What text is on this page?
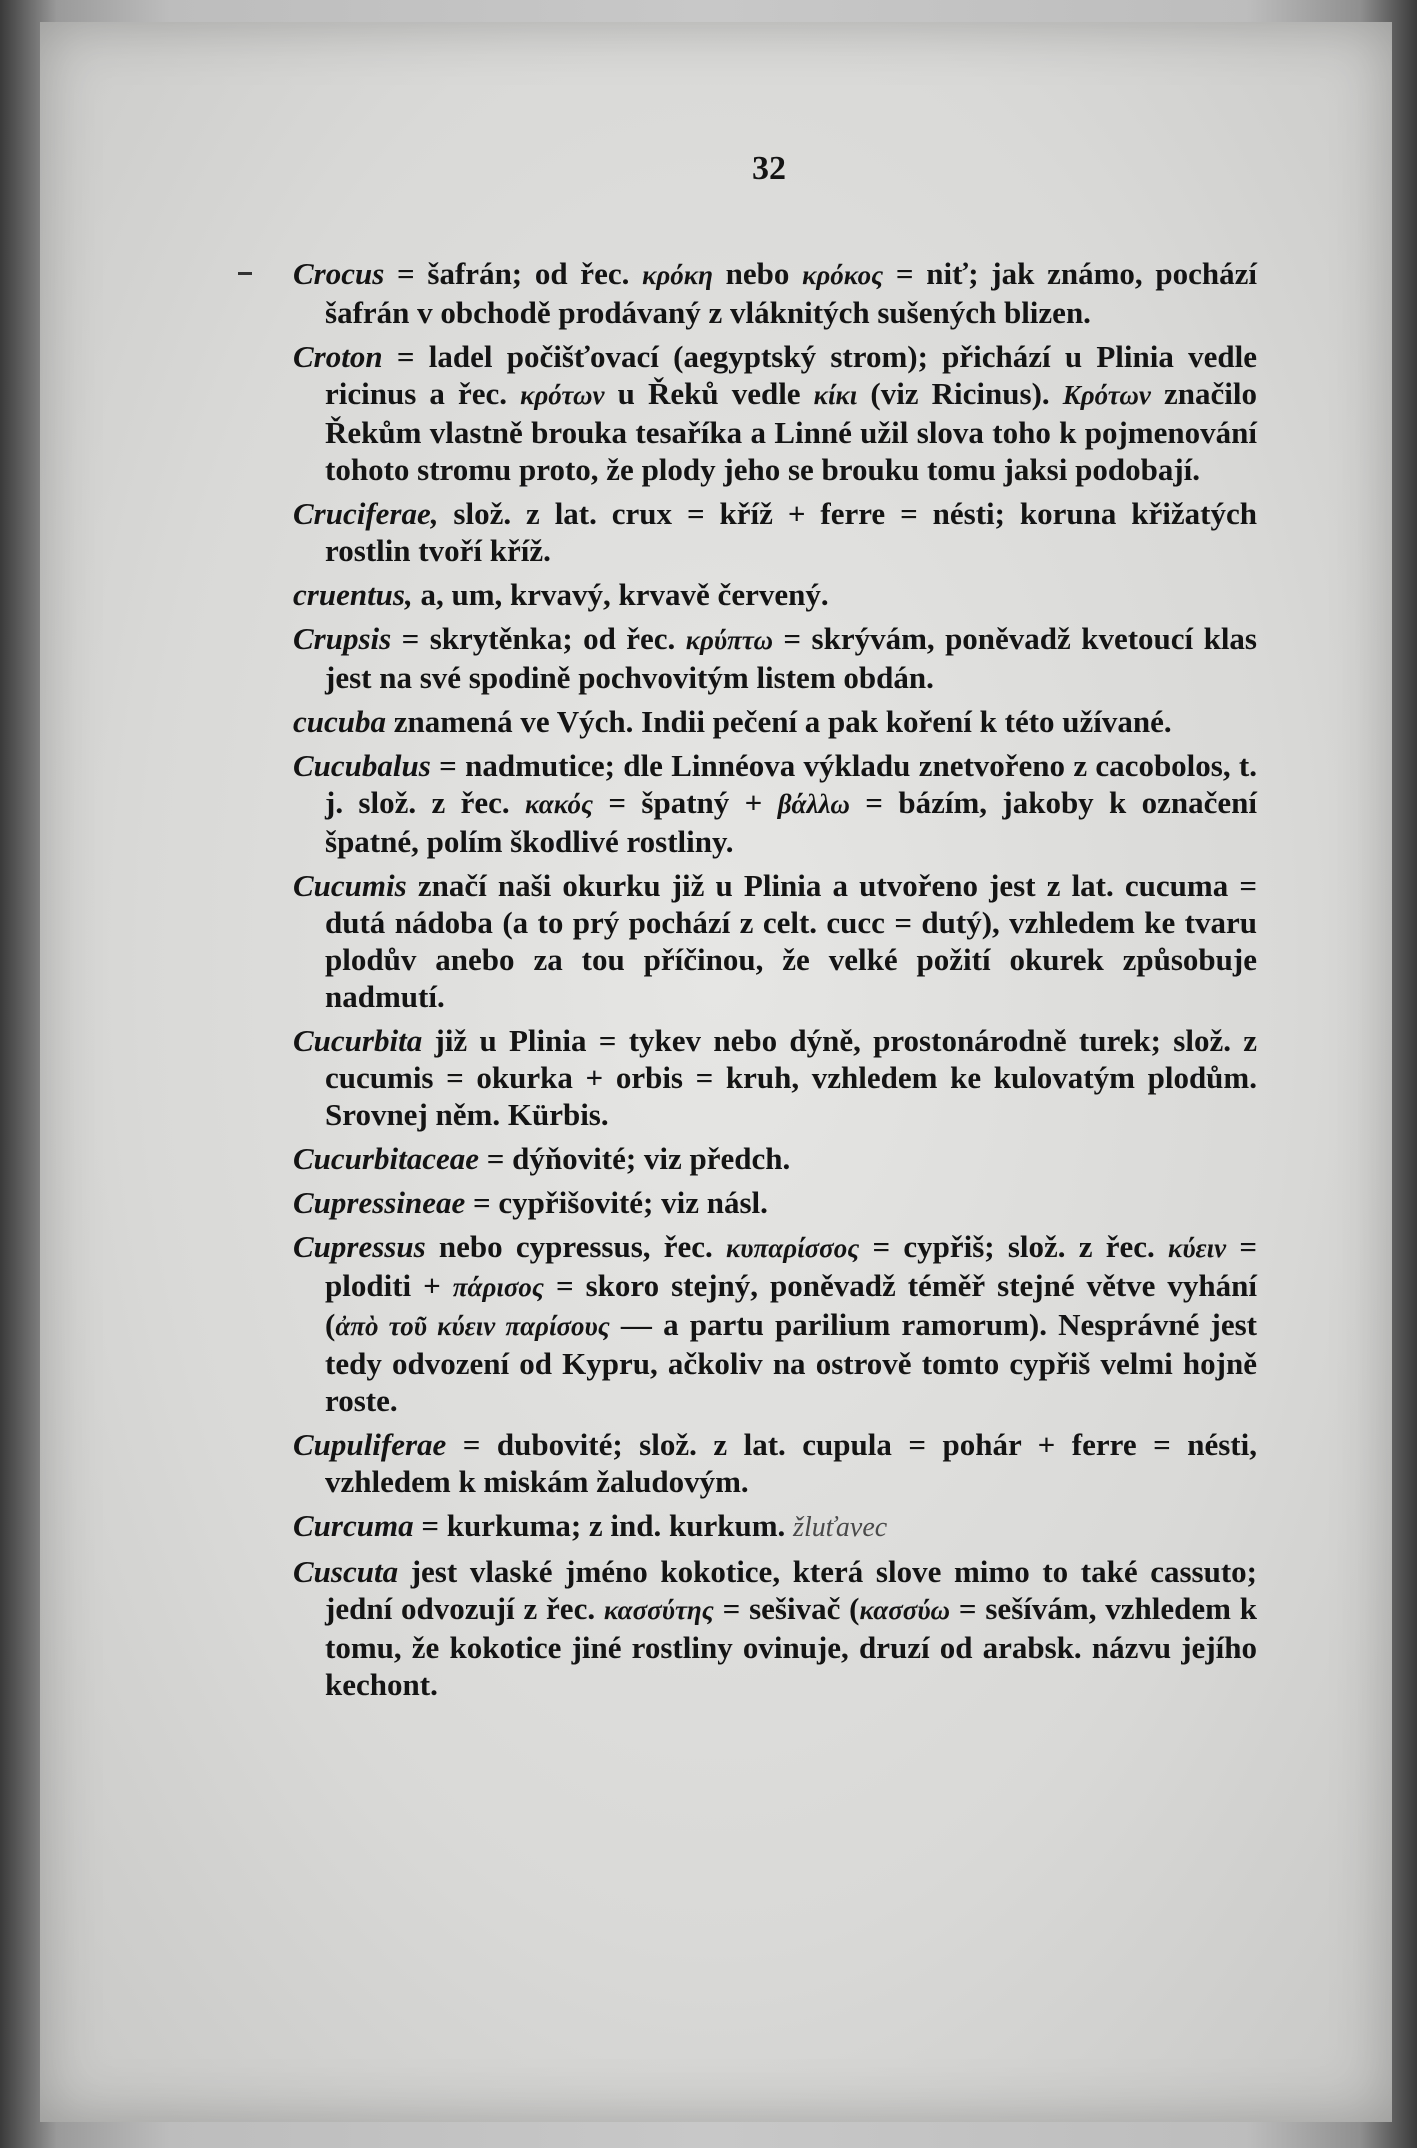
32

Crocus = šafrán; od řec. κρόκη nebo κρόκος = niť; jak známo, pochází šafrán v obchodě prodávaný z vláknitých sušených blizen.

Croton = ladel počišťovací (aegyptský strom); přichází u Plinia vedle ricinus a řec. κρότων u Řeků vedle κίκι (viz Ricinus). Κρότων značilo Řekům vlastně brouka tesaříka a Linné užil slova toho k pojmenování tohoto stromu proto, že plody jeho se brouku tomu jaksi podobají.

Cruciferae, slož. z lat. crux = kříž + ferre = nésti; koruna křižatých rostlin tvoří kříž.

cruentus, a, um, krvavý, krvavě červený.

Crupsis = skrytěnka; od řec. κρύπτω = skrývám, poněvadž kvetoucí klas jest na své spodině pochvovitým listem obdán.

cucuba znamená ve Vých. Indii pečení a pak koření k této užívané.

Cucubalus = nadmutice; dle Linnéova výkladu znetvořeno z cacobolos, t. j. slož. z řec. κακός = špatný + βάλλω = bázím, jakoby k označení špatné, polím škodlivé rostliny.

Cucumis značí naši okurku již u Plinia a utvořeno jest z lat. cucuma = dutá nádoba (a to prý pochází z celt. cucc = dutý), vzhledem ke tvaru plodův anebo za tou příčinou, že velké požití okurek způsobuje nadmutí.

Cucurbita již u Plinia = tykev nebo dýně, prostonárodně turek; slož. z cucumis = okurka + orbis = kruh, vzhledem ke kulovatým plodům. Srovnej něm. Kürbis.

Cucurbitaceae = dýňovité; viz předch.

Cupressineae = cypřišovité; viz násl.

Cupressus nebo cypressus, řec. κυπαρίσσος = cypřiš; slož. z řec. κύειν = ploditi + πάρισος = skoro stejný, poněvadž téměř stejné větve vyhání (ἀπὸ τοῦ κύειν παρίσους — a partu parilium ramorum). Nesprávné jest tedy odvození od Kypru, ačkoliv na ostrově tomto cypřiš velmi hojně roste.

Cupuliferae = dubovité; slož. z lat. cupula = pohár + ferre = nésti, vzhledem k miskám žaludovým.

Curcuma = kurkuma; z ind. kurkum. žluťavec

Cuscuta jest vlaské jméno kokotice, která slove mimo to také cassuto; jední odvozují z řec. κασσύτης = sešivač (κασσύω = sešívám, vzhledem k tomu, že kokotice jiné rostliny ovinuje, druzí od arabsk. názvu jejího kechont.
